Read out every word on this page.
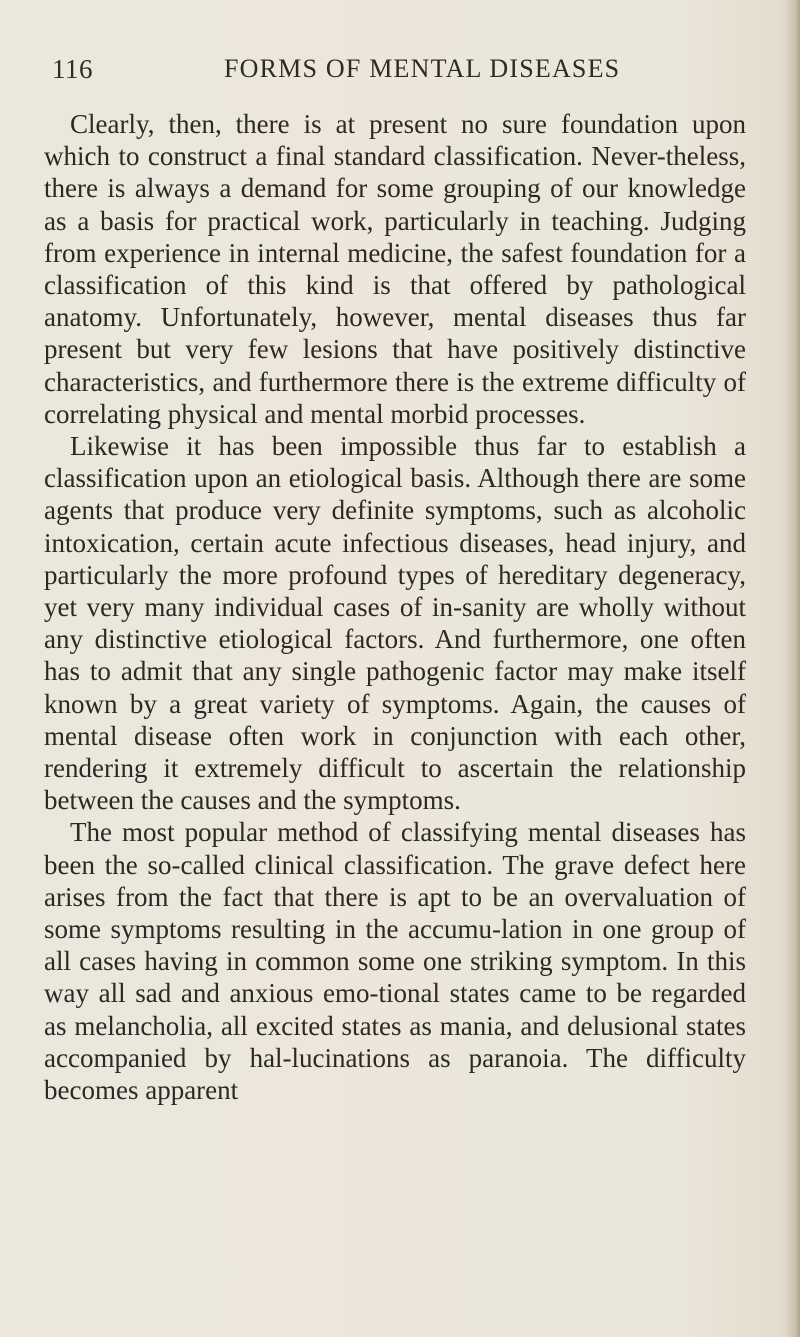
116	FORMS OF MENTAL DISEASES

Clearly, then, there is at present no sure foundation upon which to construct a final standard classification. Never-theless, there is always a demand for some grouping of our knowledge as a basis for practical work, particularly in teaching. Judging from experience in internal medicine, the safest foundation for a classification of this kind is that offered by pathological anatomy. Unfortunately, however, mental diseases thus far present but very few lesions that have positively distinctive characteristics, and furthermore there is the extreme difficulty of correlating physical and mental morbid processes.

Likewise it has been impossible thus far to establish a classification upon an etiological basis. Although there are some agents that produce very definite symptoms, such as alcoholic intoxication, certain acute infectious diseases, head injury, and particularly the more profound types of hereditary degeneracy, yet very many individual cases of in-sanity are wholly without any distinctive etiological factors. And furthermore, one often has to admit that any single pathogenic factor may make itself known by a great variety of symptoms. Again, the causes of mental disease often work in conjunction with each other, rendering it extremely difficult to ascertain the relationship between the causes and the symptoms.

The most popular method of classifying mental diseases has been the so-called clinical classification. The grave defect here arises from the fact that there is apt to be an overvaluation of some symptoms resulting in the accumu-lation in one group of all cases having in common some one striking symptom. In this way all sad and anxious emo-tional states came to be regarded as melancholia, all excited states as mania, and delusional states accompanied by hal-lucinations as paranoia. The difficulty becomes apparent
